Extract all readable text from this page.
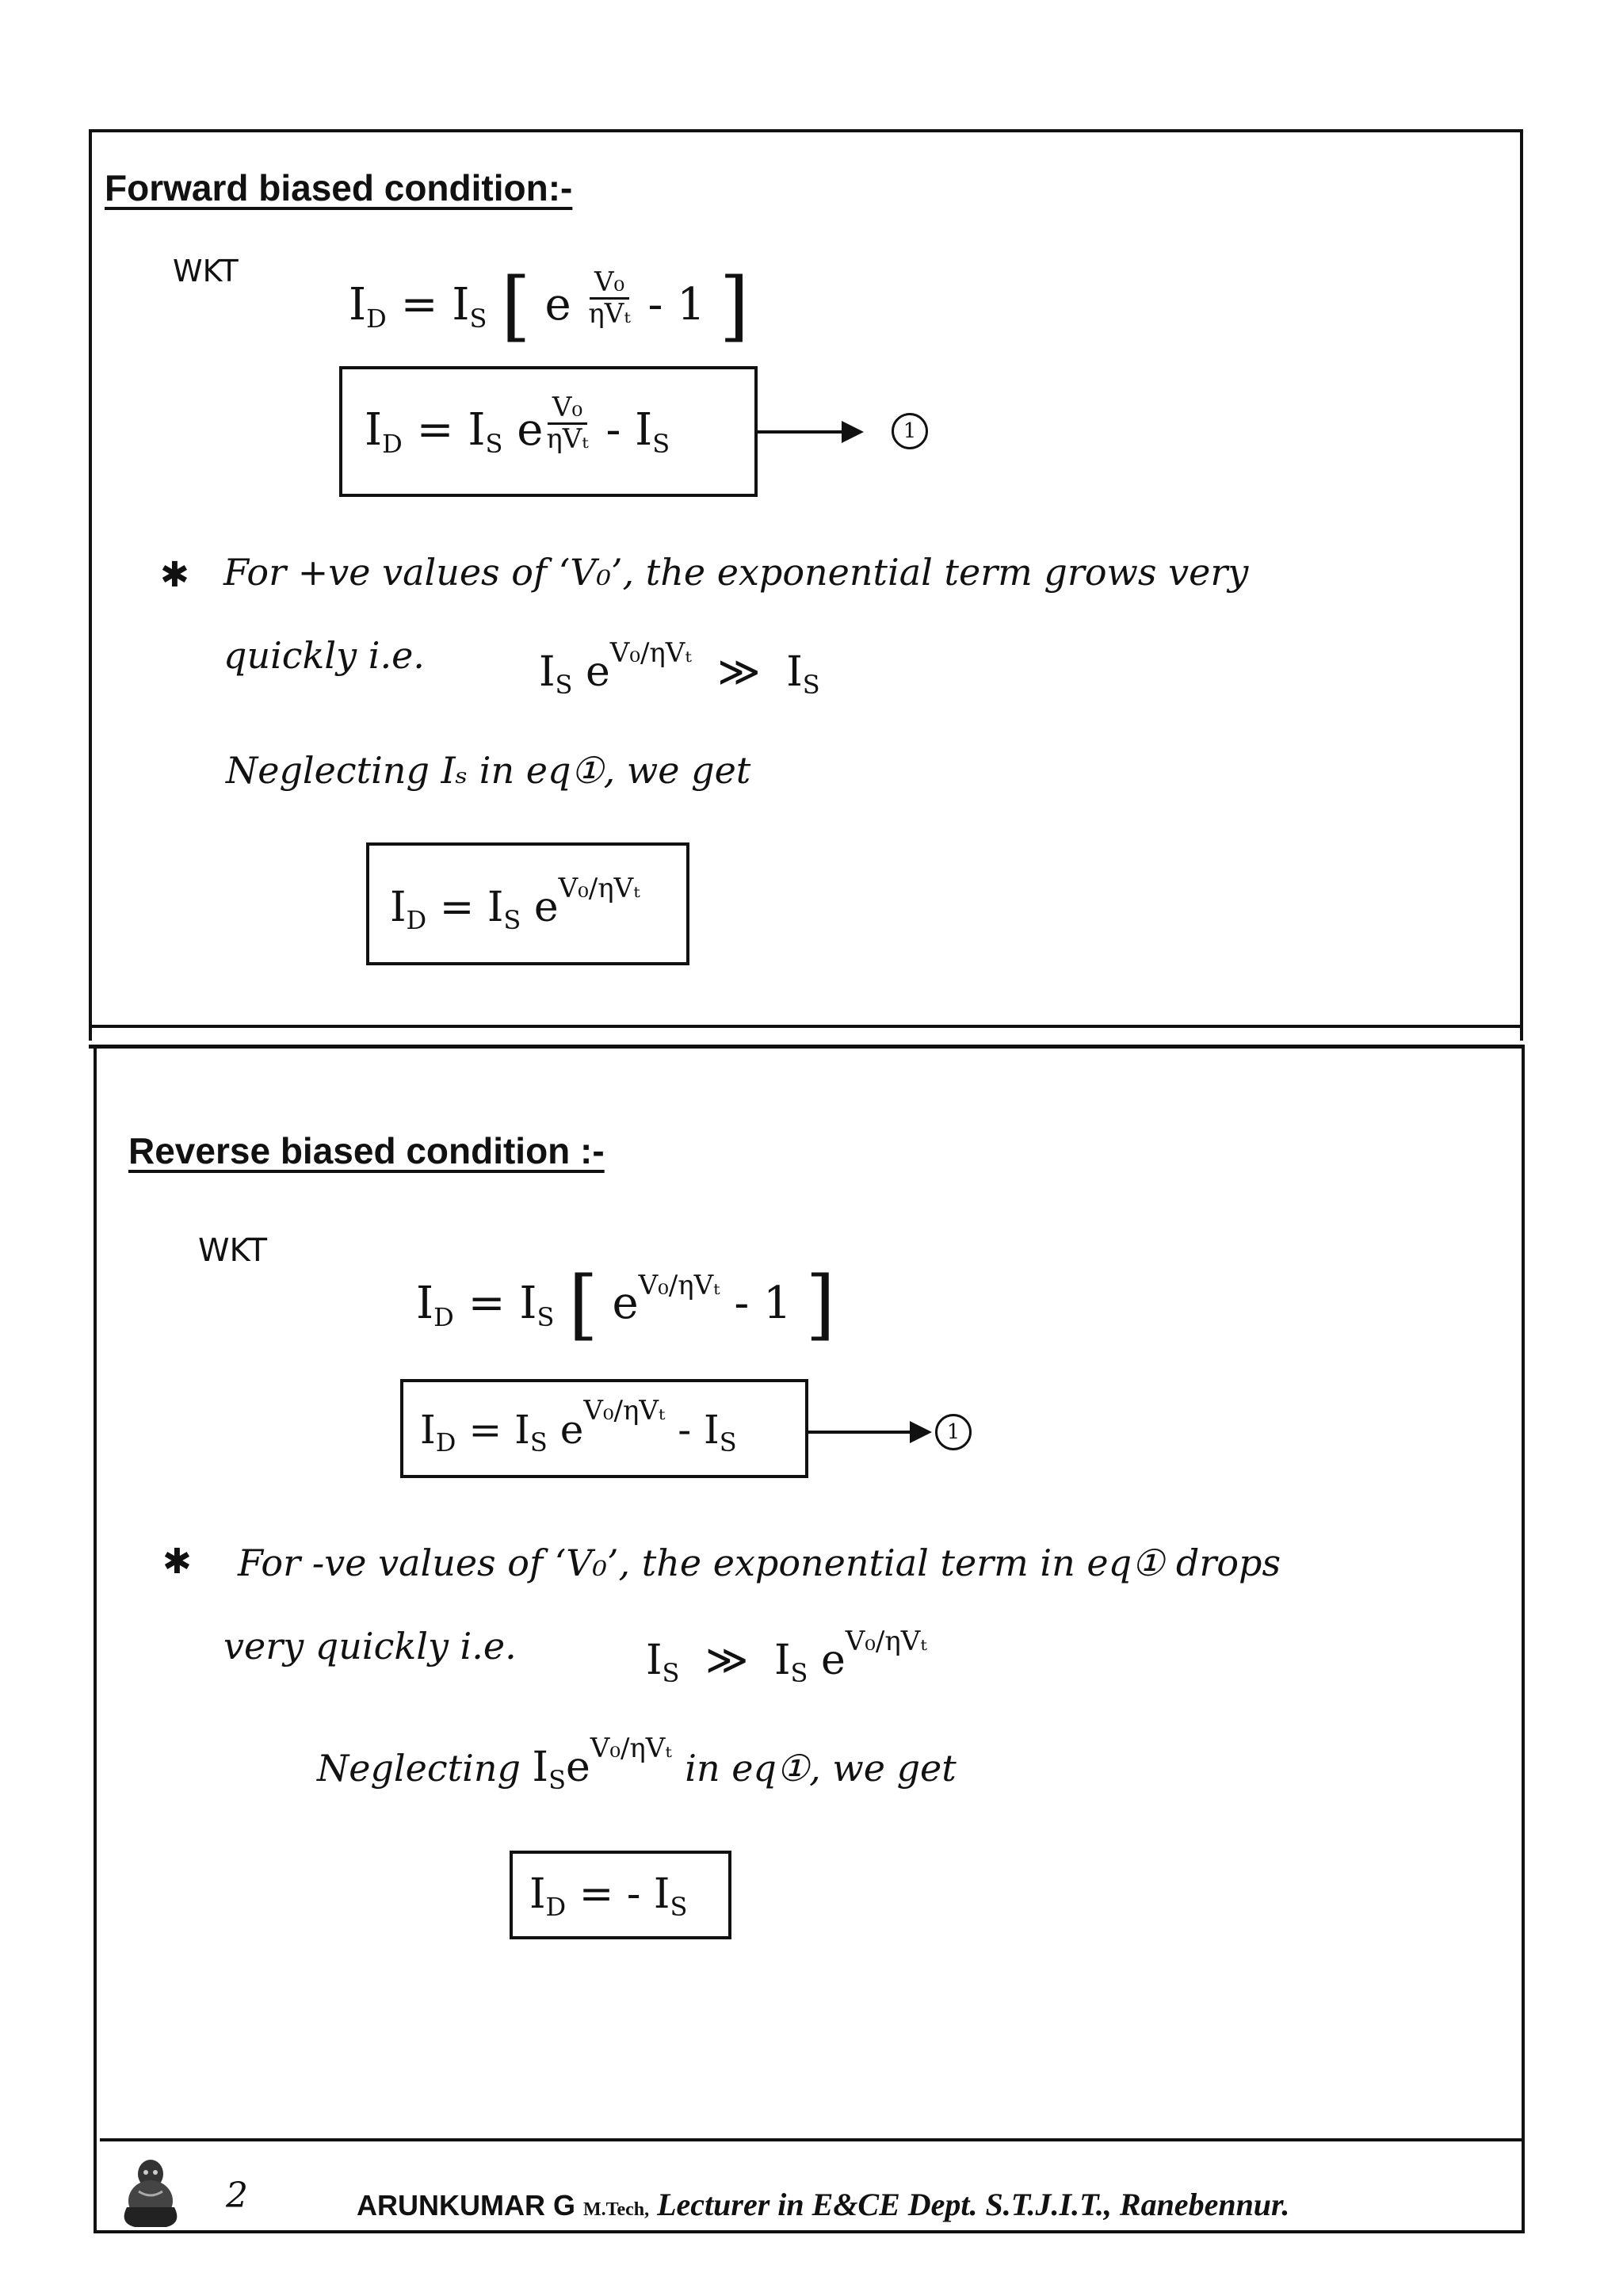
Forward biased condition:-
WKT
$I_D = I_S$ [ e $\frac{\text{V₀}}{\text{ηVₜ}} - 1$ ]
$I_D = I_S$ e $\frac{\text{V₀}}{\text{ηVₜ}} - I_S$	1
✱ For +ve values of ‘V₀’, the exponential term grows very
quickly i.e.	$I_S$ $e^{V_0/\eta V_t}$ ≫ $I_S$
Neglecting Iₛ in eq①, we get
$I_D = I_S$ $e^{V_0/\eta V_t}$
Reverse biased condition :-
WKT
$I_D = I_S$ [ $e^{V_0/\eta V_t} - 1$ ]
$I_D = I_S$ $e^{V_0/\eta V_t} - I_S$	1
✱ For -ve values of ‘V₀’, the exponential term in eq① drops
very quickly i.e.	$I_S$ ≫ $I_S$ $e^{V_0/\eta V_t}$
Neglecting $I_Se^{V_0/\eta V_t}$ in eq①, we get
$I_D$ = - $I_S$
2	ARUNKUMAR G M.Tech, Lecturer in E&CE Dept. S.T.J.I.T., Ranebennur.
